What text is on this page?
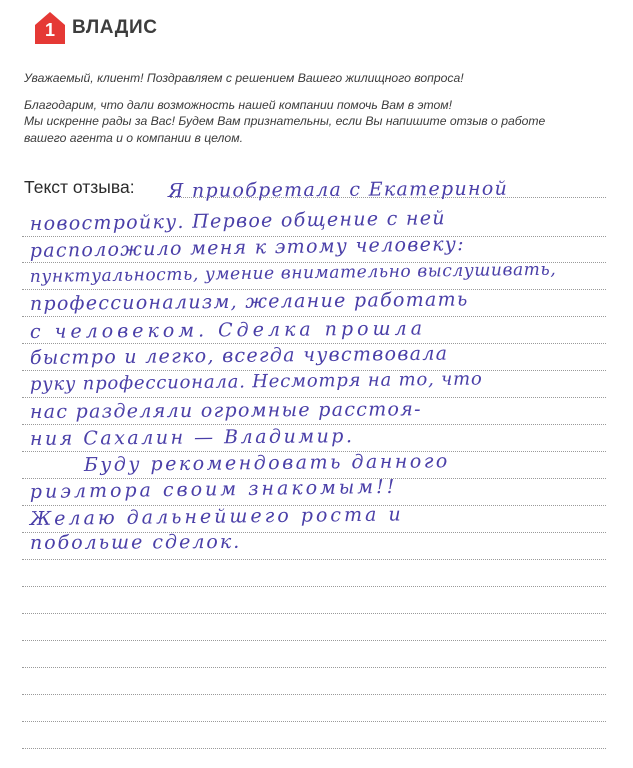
1 ВЛАДИС

Уважаемый, клиент! Поздравляем с решением Вашего жилищного вопроса!

Благодарим, что дали возможность нашей компании помочь Вам в этом!

Мы искренне рады за Вас! Будем Вам признательны, если Вы напишите отзыв о работе

вашего агента и о компании в целом.

Текст отзыва: Я приобретала с Екатериной
новостройку. Первое общение с ней
расположило меня к этому человеку:
пунктуальность, умение внимательно выслушивать,
профессионализм, желание работать
с человеком. Сделка прошла
быстро и легко, всегда чувствовала
руку профессионала. Несмотря на то, что
нас разделяли огромные расстоя-
ния Сахалин — Владимир.
Буду рекомендовать данного
риэлтора своим знакомым!!
Желаю дальнейшего роста и
побольше сделок.
